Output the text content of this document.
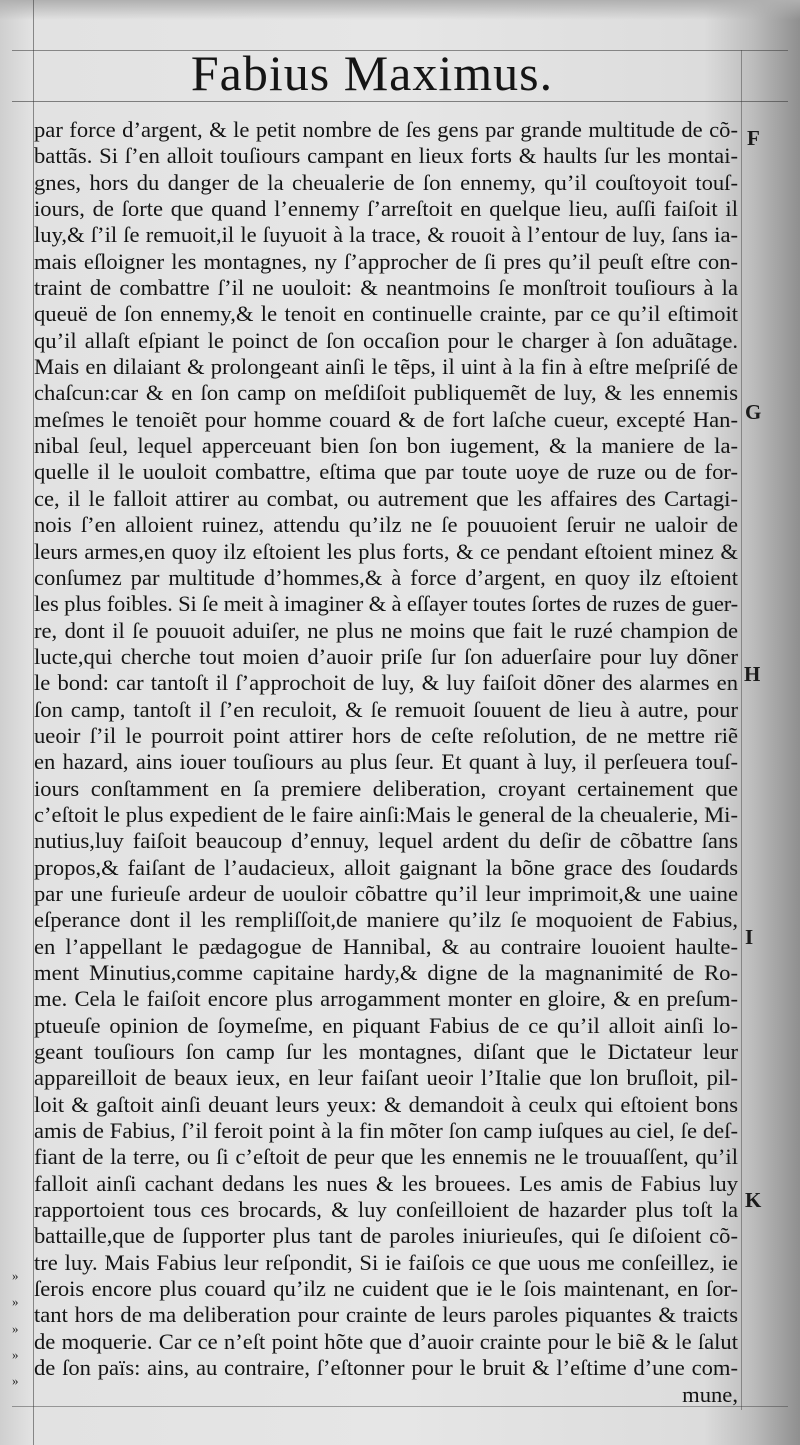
Fabius Maximus.
par force d’argent, & le petit nombre de ſes gens par grande multitude de cõ-
battãs. Si ſ’en alloit touſiours campant en lieux forts & haults ſur les montai-
gnes, hors du danger de la cheualerie de ſon ennemy, qu’il couſtoyoit touſ-
iours, de ſorte que quand l’ennemy ſ’arreſtoit en quelque lieu, auſſi faiſoit il
luy,& ſ’il ſe remuoit,il le ſuyuoit à la trace, & rouoit à l’entour de luy, ſans ia-
mais eſloigner les montagnes, ny ſ’approcher de ſi pres qu’il peuſt eſtre con-
traint de combattre ſ’il ne uouloit: & neantmoins ſe monſtroit touſiours à la
queuë de ſon ennemy,& le tenoit en continuelle crainte, par ce qu’il eſtimoit
qu’il allaſt eſpiant le poinct de ſon occaſion pour le charger à ſon aduãtage.
Mais en dilaiant & prolongeant ainſi le tẽps, il uint à la fin à eſtre meſpriſé de
chaſcun:car & en ſon camp on meſdiſoit publiquemẽt de luy, & les ennemis
meſmes le tenoiẽt pour homme couard & de fort laſche cueur, excepté Han-
nibal ſeul, lequel apperceuant bien ſon bon iugement, & la maniere de la-
quelle il le uouloit combattre, eſtima que par toute uoye de ruze ou de for-
ce, il le falloit attirer au combat, ou autrement que les affaires des Cartagi-
nois ſ’en alloient ruinez, attendu qu’ilz ne ſe pouuoient ſeruir ne ualoir de
leurs armes,en quoy ilz eſtoient les plus forts, & ce pendant eſtoient minez &
conſumez par multitude d’hommes,& à force d’argent, en quoy ilz eſtoient
les plus foibles. Si ſe meit à imaginer & à eſſayer toutes ſortes de ruzes de guer-
re, dont il ſe pouuoit aduiſer, ne plus ne moins que fait le ruzé champion de
lucte,qui cherche tout moien d’auoir priſe ſur ſon aduerſaire pour luy dõner
le bond: car tantoſt il ſ’approchoit de luy, & luy faiſoit dõner des alarmes en
ſon camp, tantoſt il ſ’en reculoit, & ſe remuoit ſouuent de lieu à autre, pour
ueoir ſ’il le pourroit point attirer hors de ceſte reſolution, de ne mettre riẽ
en hazard, ains iouer touſiours au plus ſeur. Et quant à luy, il perſeuera touſ-
iours conſtamment en ſa premiere deliberation, croyant certainement que
c’eſtoit le plus expedient de le faire ainſi:Mais le general de la cheualerie, Mi-
nutius,luy faiſoit beaucoup d’ennuy, lequel ardent du deſir de cõbattre ſans
propos,& faiſant de l’audacieux, alloit gaignant la bõne grace des ſoudards
par une furieuſe ardeur de uouloir cõbattre qu’il leur imprimoit,& une uaine
eſperance dont il les rempliſſoit,de maniere qu’ilz ſe moquoient de Fabius,
en l’appellant le pædagogue de Hannibal, & au contraire louoient haulte-
ment Minutius,comme capitaine hardy,& digne de la magnanimité de Ro-
me. Cela le faiſoit encore plus arrogamment monter en gloire, & en preſum-
ptueuſe opinion de ſoymeſme, en piquant Fabius de ce qu’il alloit ainſi lo-
geant touſiours ſon camp ſur les montagnes, diſant que le Dictateur leur
appareilloit de beaux ieux, en leur faiſant ueoir l’Italie que lon bruſloit, pil-
loit & gaſtoit ainſi deuant leurs yeux: & demandoit à ceulx qui eſtoient bons
amis de Fabius, ſ’il feroit point à la fin mõter ſon camp iuſques au ciel, ſe deſ-
fiant de la terre, ou ſi c’eſtoit de peur que les ennemis ne le trouuaſſent, qu’il
falloit ainſi cachant dedans les nues & les brouees. Les amis de Fabius luy
rapportoient tous ces brocards, & luy conſeilloient de hazarder plus toſt la
battaille,que de ſupporter plus tant de paroles iniurieuſes, qui ſe diſoient cõ-
tre luy. Mais Fabius leur reſpondit, Si ie faiſois ce que uous me conſeillez, ie
ſerois encore plus couard qu’ilz ne cuident que ie le ſois maintenant, en ſor-
tant hors de ma deliberation pour crainte de leurs paroles piquantes & traicts
de moquerie. Car ce n’eſt point hõte que d’auoir crainte pour le biẽ & le ſalut
de ſon païs: ains, au contraire, ſ’eſtonner pour le bruit & l’eſtime d’une com-
mune,
F
G
H
I
K
»
»
»
»
»
